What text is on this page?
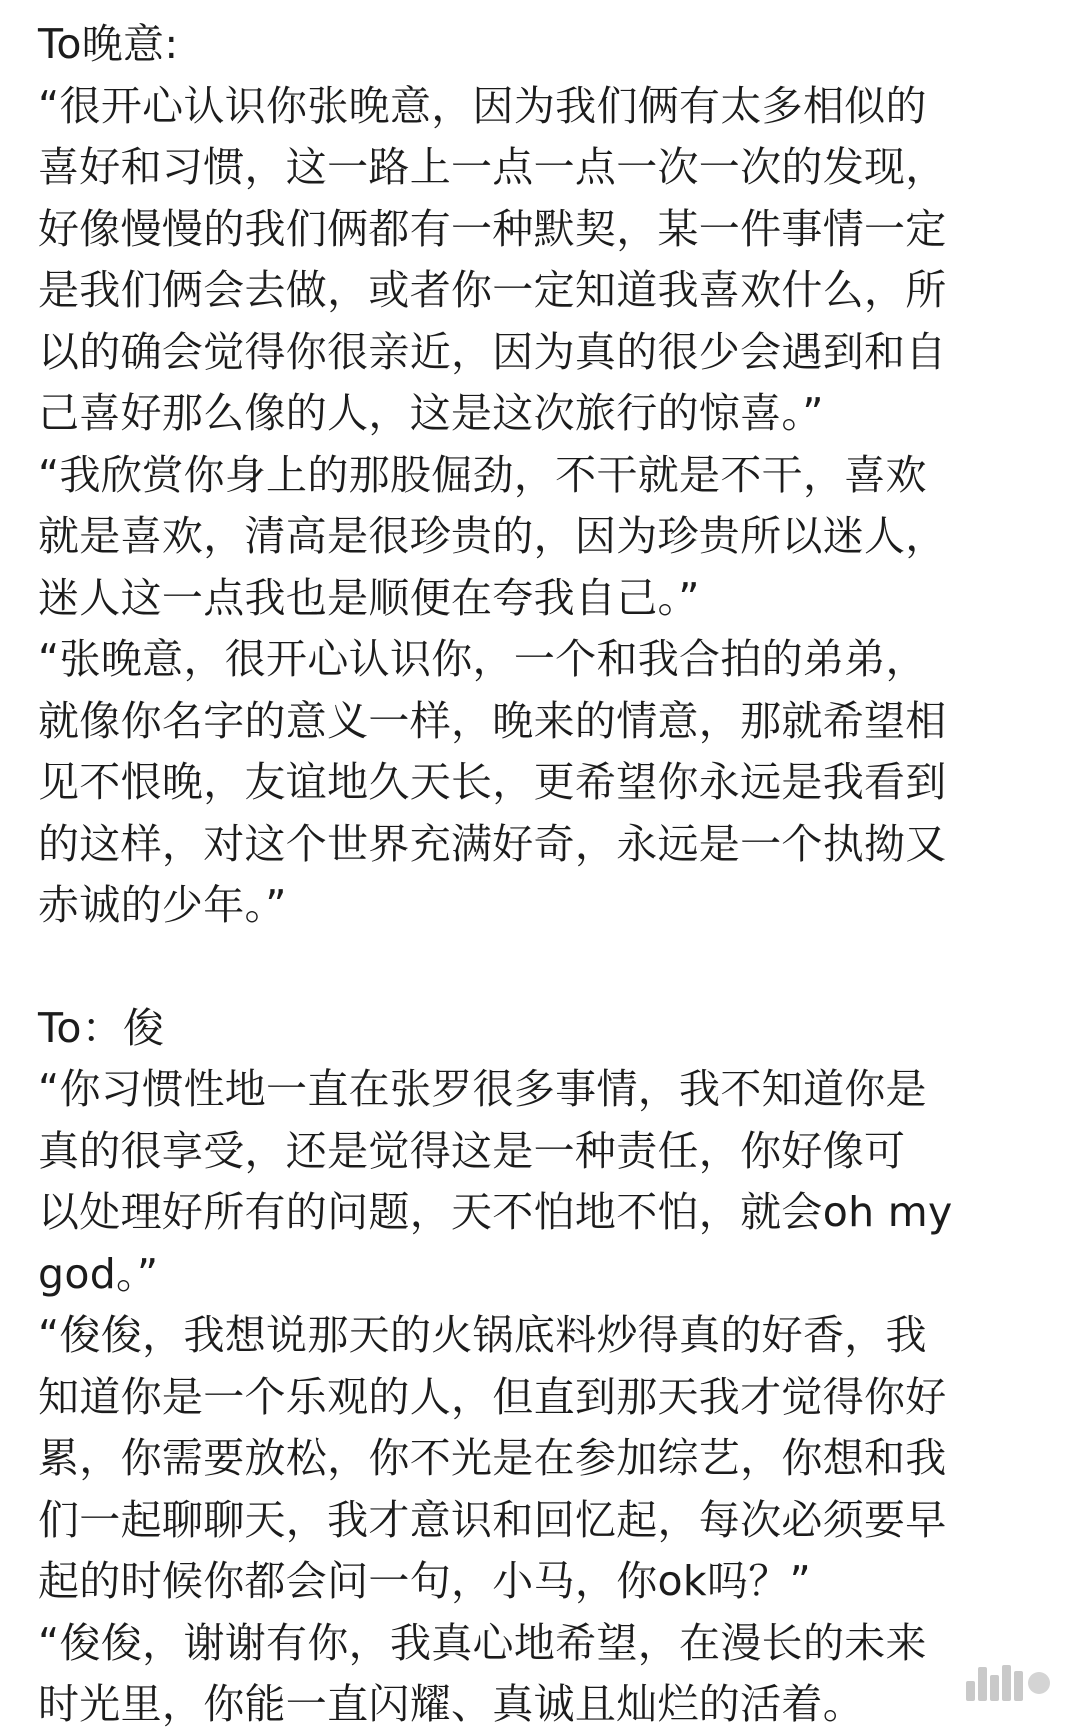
To晚意:
“很开心认识你张晚意，因为我们俩有太多相似的
喜好和习惯，这一路上一点一点一次一次的发现，
好像慢慢的我们俩都有一种默契，某一件事情一定
是我们俩会去做，或者你一定知道我喜欢什么，所
以的确会觉得你很亲近，因为真的很少会遇到和自
己喜好那么像的人，这是这次旅行的惊喜。”
“我欣赏你身上的那股倔劲，不干就是不干，喜欢
就是喜欢，清高是很珍贵的，因为珍贵所以迷人，
迷人这一点我也是顺便在夸我自己。”
“张晚意，很开心认识你，一个和我合拍的弟弟，
就像你名字的意义一样，晚来的情意，那就希望相
见不恨晚，友谊地久天长，更希望你永远是我看到
的这样，对这个世界充满好奇，永远是一个执拗又
赤诚的少年。”
To：俊
“你习惯性地一直在张罗很多事情，我不知道你是
真的很享受，还是觉得这是一种责任，你好像可
以处理好所有的问题，天不怕地不怕，就会oh my
god。”
“俊俊，我想说那天的火锅底料炒得真的好香，我
知道你是一个乐观的人，但直到那天我才觉得你好
累，你需要放松，你不光是在参加综艺，你想和我
们一起聊聊天，我才意识和回忆起，每次必须要早
起的时候你都会问一句，小马，你ok吗？”
“俊俊，谢谢有你，我真心地希望，在漫长的未来
时光里，你能一直闪耀、真诚且灿烂的活着。
